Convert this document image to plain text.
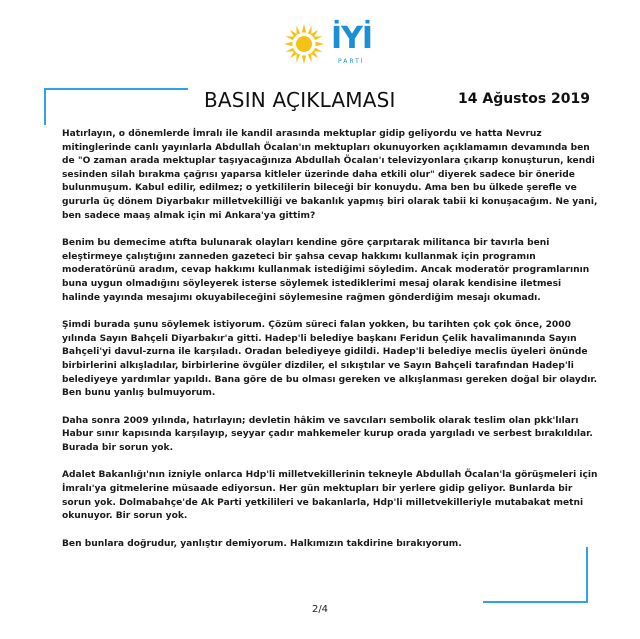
İYİ
PARTİ
BASIN AÇIKLAMASI	14 Ağustos 2019

Hatırlayın, o dönemlerde İmralı ile kandil arasında mektuplar gidip geliyordu ve hatta Nevruz mitinglerinde canlı yayınlarla Abdullah Öcalan'ın mektupları okunuyorken açıklamamın devamında ben de "O zaman arada mektuplar taşıyacağınıza Abdullah Öcalan'ı televizyonlara çıkarıp konuşturun, kendi sesinden silah bırakma çağrısı yaparsa kitleler üzerinde daha etkili olur" diyerek sadece bir öneride bulunmuşum. Kabul edilir, edilmez; o yetkililerin bileceği bir konuydu. Ama ben bu ülkede şerefle ve gururla üç dönem Diyarbakır milletvekilliği ve bakanlık yapmış biri olarak tabii ki konuşacağım. Ne yani, ben sadece maaş almak için mi Ankara'ya gittim?

Benim bu demecime atıfta bulunarak olayları kendine göre çarpıtarak militanca bir tavırla beni eleştirmeye çalıştığını zanneden gazeteci bir şahsa cevap hakkımı kullanmak için programın moderatörünü aradım, cevap hakkımı kullanmak istediğimi söyledim. Ancak moderatör programlarının buna uygun olmadığını söyleyerek isterse söylemek istediklerimi mesaj olarak kendisine iletmesi halinde yayında mesajımı okuyabileceğini söylemesine rağmen gönderdiğim mesajı okumadı.

Şimdi burada şunu söylemek istiyorum. Çözüm süreci falan yokken, bu tarihten çok çok önce, 2000 yılında Sayın Bahçeli Diyarbakır'a gitti. Hadep'li belediye başkanı Feridun Çelik havalimanında Sayın Bahçeli'yi davul-zurna ile karşıladı. Oradan belediyeye gidildi. Hadep'li belediye meclis üyeleri önünde birbirlerini alkışladılar, birbirlerine övgüler dizdiler, el sıkıştılar ve Sayın Bahçeli tarafından Hadep'li belediyeye yardımlar yapıldı. Bana göre de bu olması gereken ve alkışlanması gereken doğal bir olaydır. Ben bunu yanlış bulmuyorum.

Daha sonra 2009 yılında, hatırlayın; devletin hâkim ve savcıları sembolik olarak teslim olan pkk'lıları Habur sınır kapısında karşılayıp, seyyar çadır mahkemeler kurup orada yargıladı ve serbest bırakıldılar. Burada bir sorun yok.

Adalet Bakanlığı'nın izniyle onlarca Hdp'li milletvekillerinin tekneyle Abdullah Öcalan'la görüşmeleri için İmralı'ya gitmelerine müsaade ediyorsun. Her gün mektupları bir yerlere gidip geliyor. Bunlarda bir sorun yok. Dolmabahçe'de Ak Parti yetkilileri ve bakanlarla, Hdp'li milletvekilleriyle mutabakat metni okunuyor. Bir sorun yok.

Ben bunlara doğrudur, yanlıştır demiyorum. Halkımızın takdirine bırakıyorum.

2/4
